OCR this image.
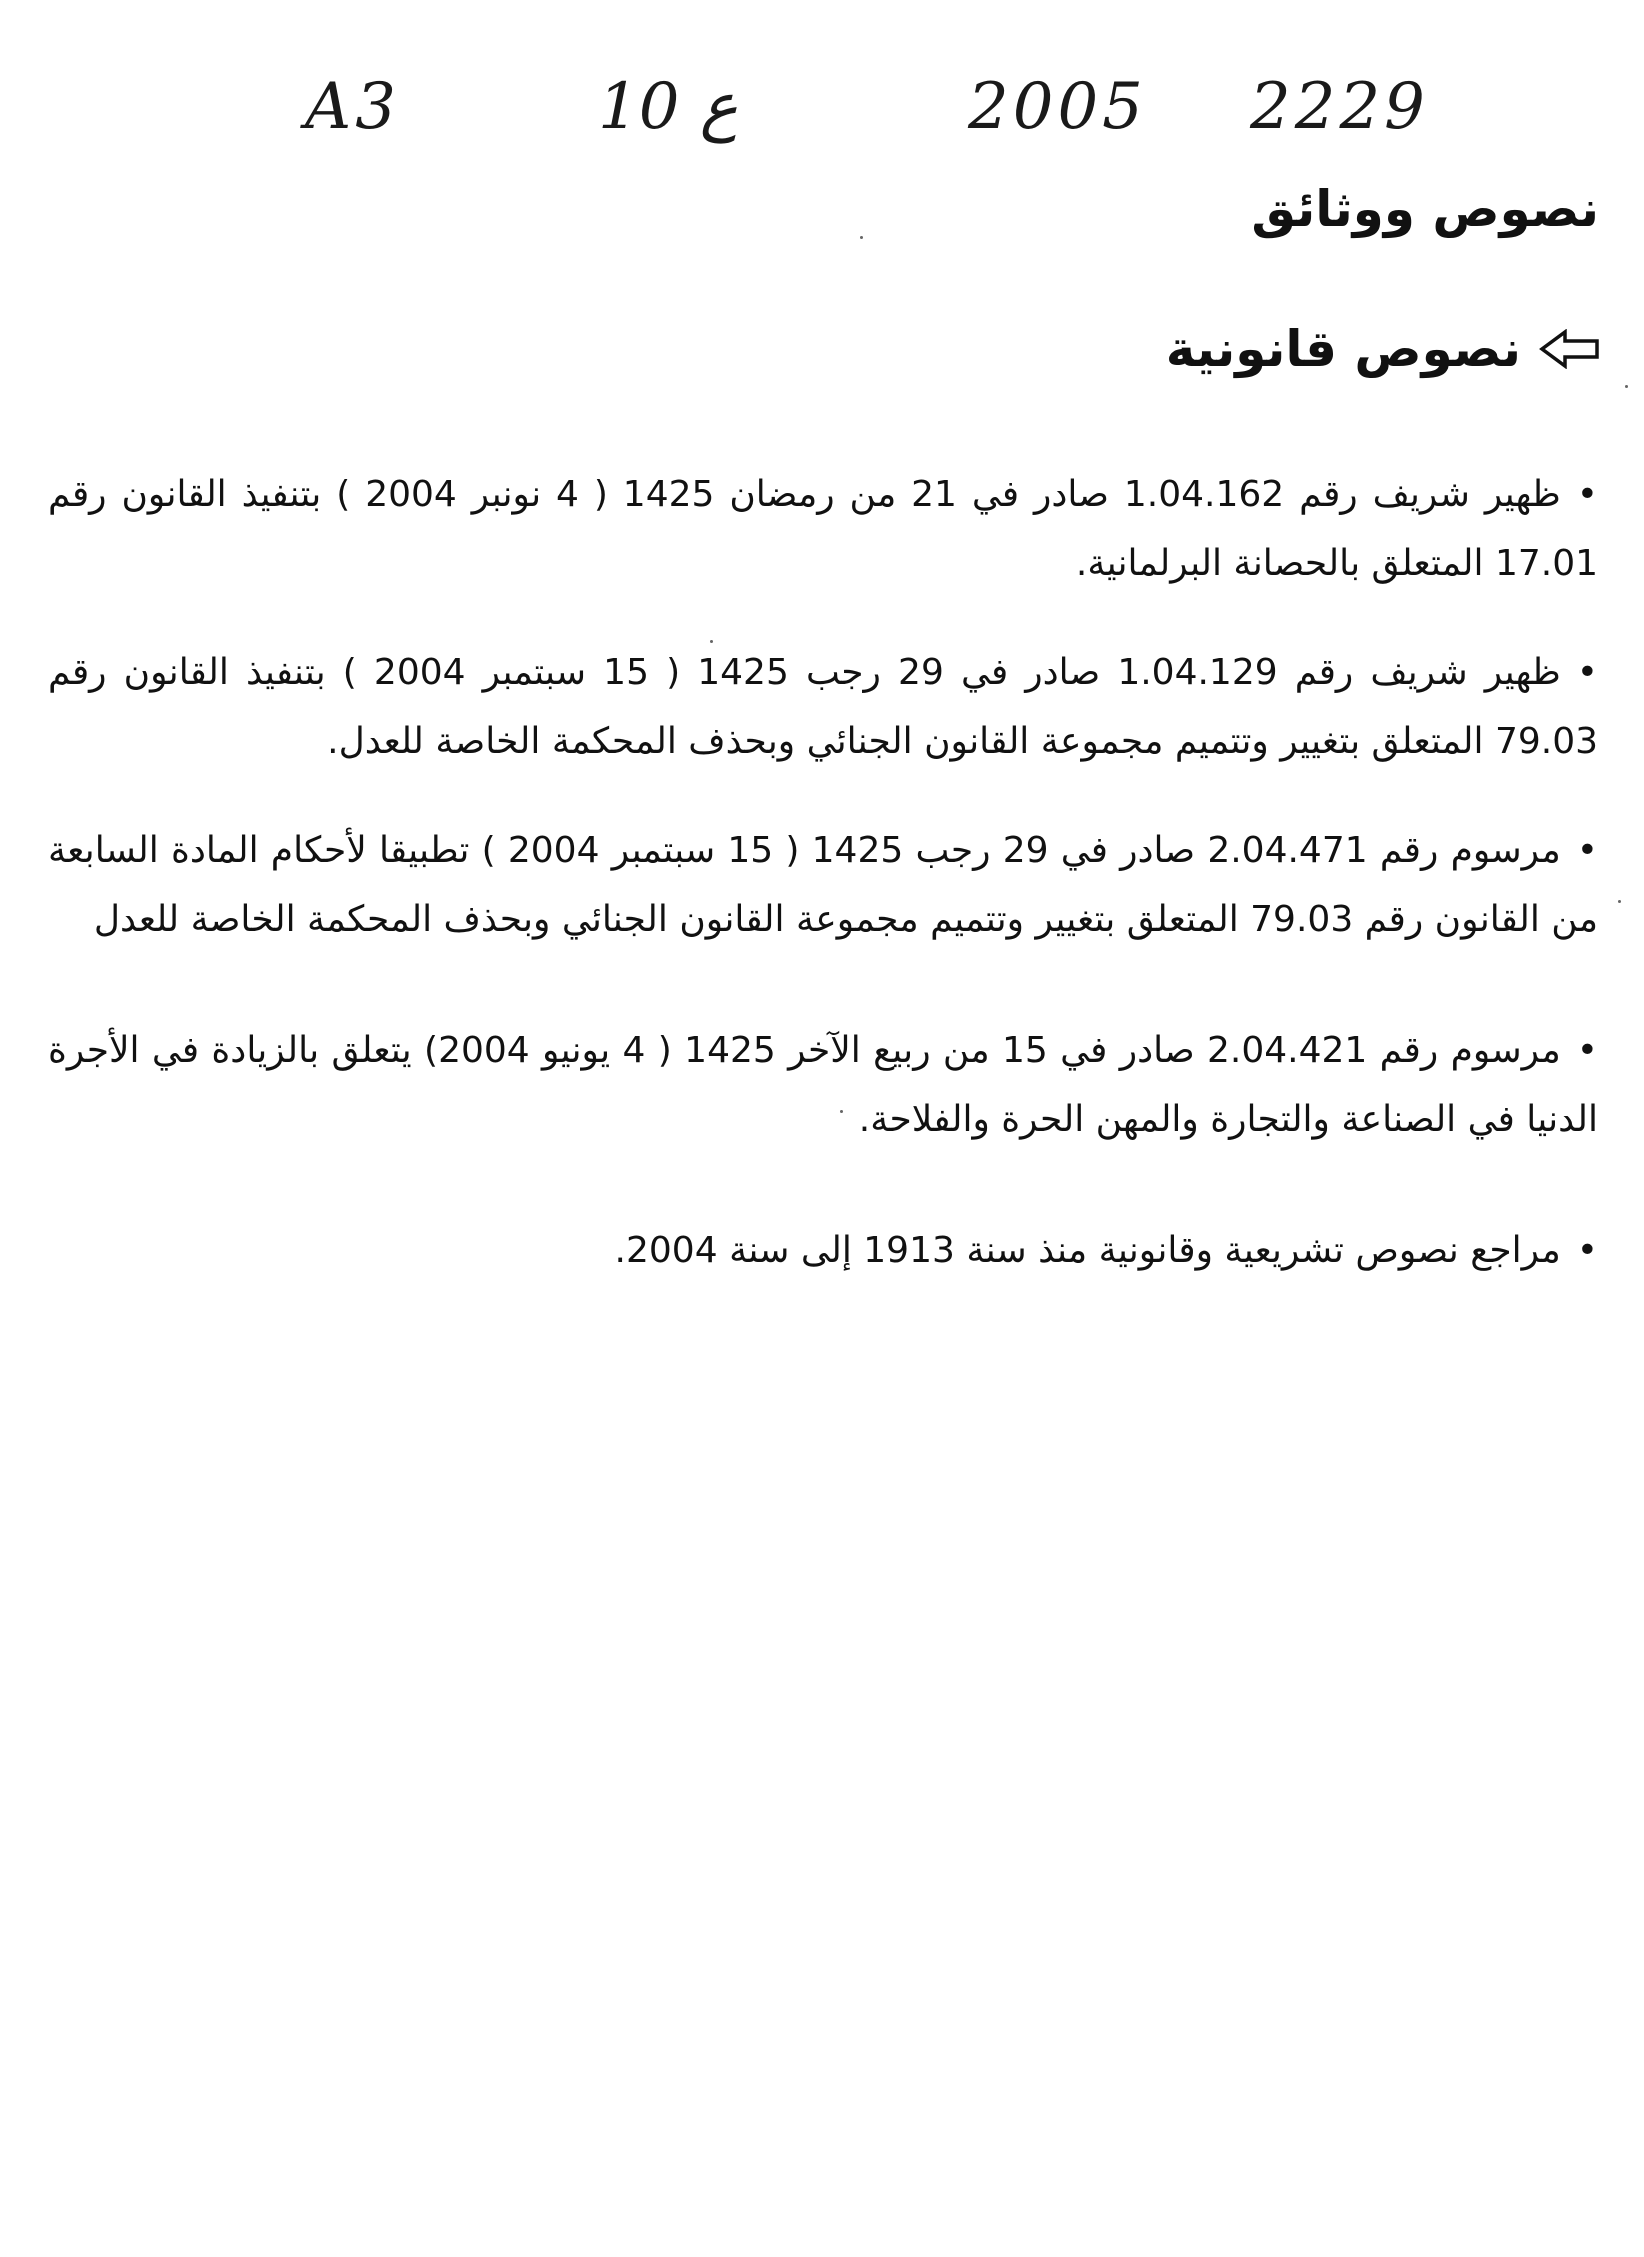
A3	10 ع	2005 2229
نصوص ووثائق
نصوص قانونية
•ظهير شريف رقم 1.04.162 صادر في 21 من رمضان 1425 ( 4 نونبر 2004 ) بتنفيذ القانون رقم 17.01 المتعلق بالحصانة البرلمانية.
•ظهير شريف رقم 1.04.129 صادر في 29 رجب 1425 ( 15 سبتمبر 2004 ) بتنفيذ القانون رقم 79.03 المتعلق بتغيير وتتميم مجموعة القانون الجنائي وبحذف المحكمة الخاصة للعدل.
•مرسوم رقم 2.04.471 صادر في 29 رجب 1425 ( 15 سبتمبر 2004 ) تطبيقا لأحكام المادة السابعة من القانون رقم 79.03 المتعلق بتغيير وتتميم مجموعة القانون الجنائي وبحذف المحكمة الخاصة للعدل
•مرسوم رقم 2.04.421 صادر في 15 من ربيع الآخر 1425 ( 4 يونيو 2004) يتعلق بالزيادة في الأجرة الدنيا في الصناعة والتجارة والمهن الحرة والفلاحة.
•مراجع نصوص تشريعية وقانونية منذ سنة 1913 إلى سنة 2004.
